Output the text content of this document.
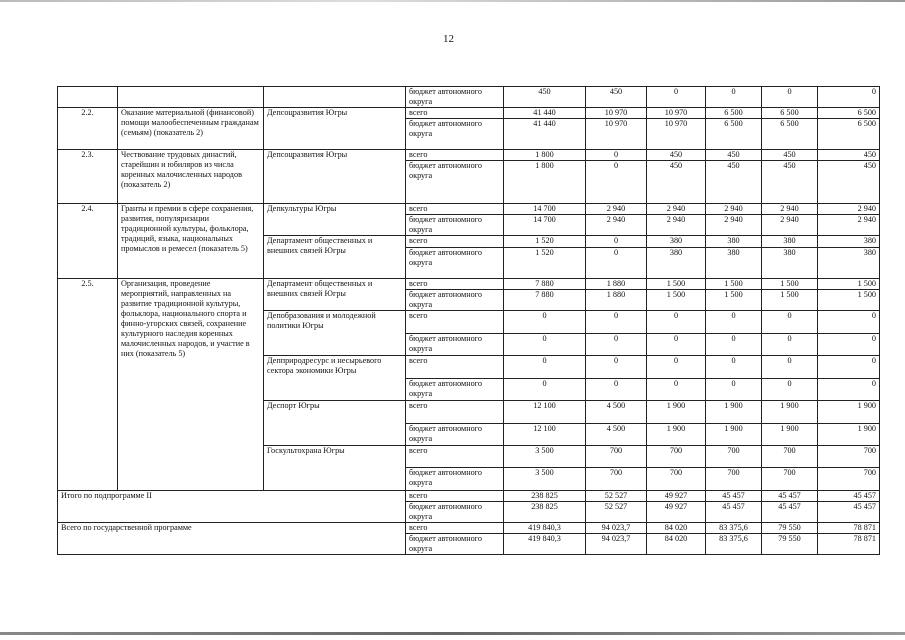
12
			бюджет автономного округа	450	450	0	0	0	0
2.2.	Оказание материальной (финансовой) помощи малообеспеченным гражданам (семьям) (показатель 2)	Депсоцразвития Югры	всего	41 440	10 970	10 970	6 500	6 500	6 500
			бюджет автономного округа	41 440	10 970	10 970	6 500	6 500	6 500
2.3.	Чествование трудовых династий, старейшин и юбиляров из числа коренных малочисленных народов (показатель 2)	Депсоцразвития Югры	всего	1 800	0	450	450	450	450
			бюджет автономного округа	1 800	0	450	450	450	450
2.4.	Гранты и премии в сфере сохранения, развития, популяризации традиционной культуры, фольклора, традиций, языка, национальных промыслов и ремесел (показатель 5)	Депкультуры Югры	всего	14 700	2 940	2 940	2 940	2 940	2 940
			бюджет автономного округа	14 700	2 940	2 940	2 940	2 940	2 940
		Департамент общественных и внешних связей Югры	всего	1 520	0	380	380	380	380
			бюджет автономного округа	1 520	0	380	380	380	380
2.5.	Организация, проведение мероприятий, направленных на развитие традиционной культуры, фольклора, национального спорта и финно-угорских связей, сохранение культурного наследия коренных малочисленных народов, и участие в них (показатель 5)	Департамент общественных и внешних связей Югры	всего	7 880	1 880	1 500	1 500	1 500	1 500
			бюджет автономного округа	7 880	1 880	1 500	1 500	1 500	1 500
		Депобразования и молодежной политики Югры	всего	0	0	0	0	0	0
			бюджет автономного округа	0	0	0	0	0	0
		Депприродресурс и несырьевого сектора экономики Югры	всего	0	0	0	0	0	0
			бюджет автономного округа	0	0	0	0	0	0
		Деспорт Югры	всего	12 100	4 500	1 900	1 900	1 900	1 900
			бюджет автономного округа	12 100	4 500	1 900	1 900	1 900	1 900
		Госкультохрана Югры	всего	3 500	700	700	700	700	700
			бюджет автономного округа	3 500	700	700	700	700	700
Итого по подпрограмме II			всего	238 825	52 527	49 927	45 457	45 457	45 457
			бюджет автономного округа	238 825	52 527	49 927	45 457	45 457	45 457
Всего по государственной программе			всего	419 840,3	94 023,7	84 020	83 375,6	79 550	78 871
			бюджет автономного округа	419 840,3	94 023,7	84 020	83 375,6	79 550	78 871
